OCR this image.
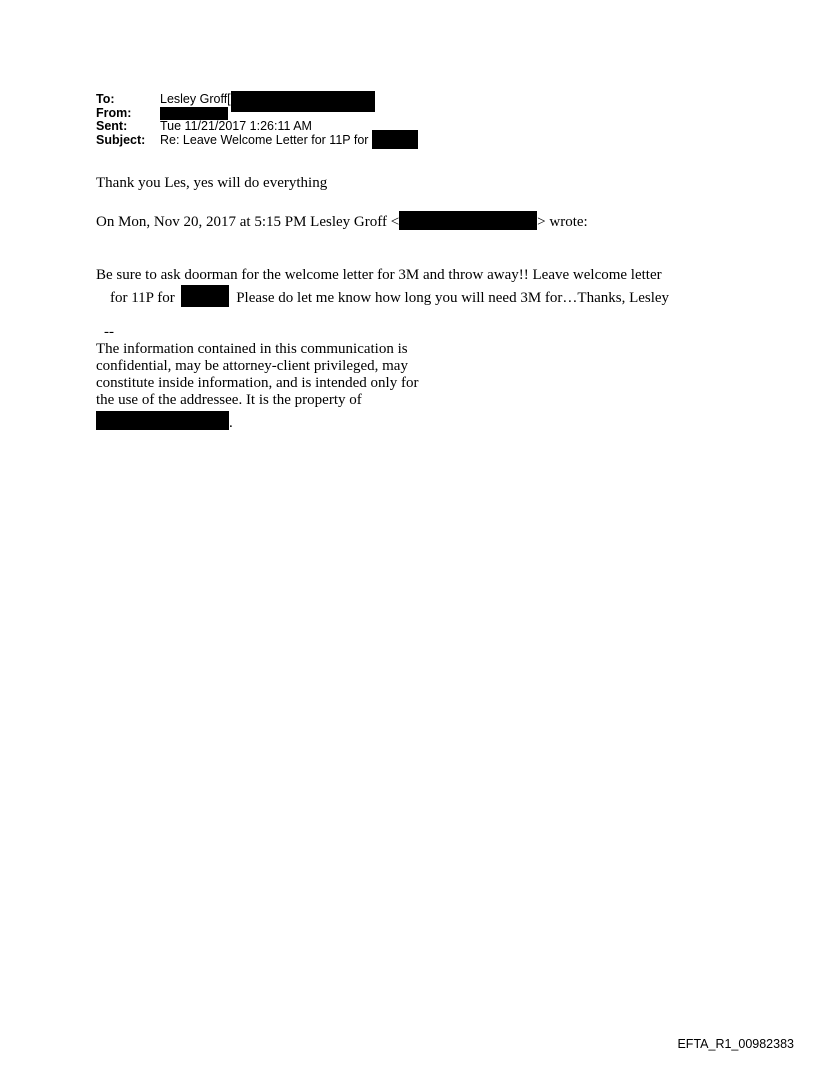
To:	Lesley Groff [
From:
Sent:	Tue 11/21/2017 1:26:11 AM
Subject:	Re: Leave Welcome Letter for 11P for
Thank you Les, yes will do everything
On Mon, Nov 20, 2017 at 5:15 PM Lesley Groff <	> wrote:
Be sure to ask doorman for the welcome letter for 3M and throw away!! Leave welcome letter
for 11P for	Please do let me know how long you will need 3M for…Thanks, Lesley
--
The information contained in this communication is
confidential, may be attorney-client privileged, may
constitute inside information, and is intended only for
the use of the addressee. It is the property of
.
EFTA_R1_00982383
